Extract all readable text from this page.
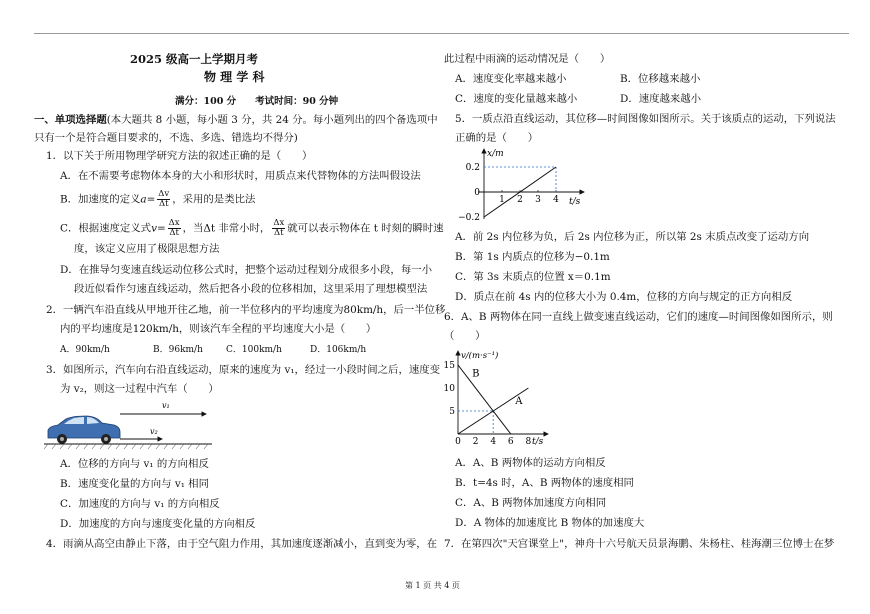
2025 级高一上学期月考
物 理 学 科
满分：100 分　　考试时间：90 分钟
一、单项选择题(本大题共 8 小题，每小题 3 分，共 24 分。每小题列出的四个备选项中
只有一个是符合题目要求的，不选、多选、错选均不得分)
1．以下关于所用物理学研究方法的叙述正确的是（　　）
A．在不需要考虑物体本身的大小和形状时，用质点来代替物体的方法叫假设法
B．加速度的定义$a= \frac{\Delta v}{\Delta t}$ ，采用的是类比法
C．根据速度定义式$v= \frac{\Delta x}{\Delta t}$ ，当Δt 非常小时， $\frac{\Delta x}{\Delta t}$ 就可以表示物体在 t 时刻的瞬时速
度，该定义应用了极限思想方法
D．在推导匀变速直线运动位移公式时，把整个运动过程划分成很多小段，每一小
段近似看作匀速直线运动，然后把各小段的位移相加，这里采用了理想模型法
2．一辆汽车沿直线从甲地开往乙地，前一半位移内的平均速度为80km/h，后一半位移
内的平均速度是120km/h，则该汽车全程的平均速度大小是（　　）
A．90km/h	B．96km/h	C．100km/h	D．106km/h
3．如图所示，汽车向右沿直线运动，原来的速度为 v₁，经过一小段时间之后，速度变
为 v₂，则这一过程中汽车（　　）
v₁
v₂
A．位移的方向与 v₁ 的方向相反
B．速度变化量的方向与 v₁ 相同
C．加速度的方向与 v₁ 的方向相反
D．加速度的方向与速度变化量的方向相反
4．雨滴从高空由静止下落，由于空气阻力作用，其加速度逐渐减小，直到变为零，在
此过程中雨滴的运动情况是（　　）
A．速度变化率越来越小	B．位移越来越小
C．速度的变化量越来越小	D．速度越来越小
5．一质点沿直线运动，其位移—时间图像如图所示。关于该质点的运动，下列说法
正确的是（　　）
x/m
t/s
0.2
0
−0.2
1 2 3 4
A．前 2s 内位移为负，后 2s 内位移为正，所以第 2s 末质点改变了运动方向
B．第 1s 内质点的位移为−0.1m
C．第 3s 末质点的位置 x＝0.1m
D．质点在前 4s 内的位移大小为 0.4m，位移的方向与规定的正方向相反
6．A、B 两物体在同一直线上做变速直线运动，它们的速度—时间图像如图所示，则
（　　）
v/(m·s⁻¹)
t/s
15
10
5
0 2 4 6 8
A
B
A．A、B 两物体的运动方向相反
B．t=4s 时，A、B 两物体的速度相同
C．A、B 两物体加速度方向相同
D．A 物体的加速度比 B 物体的加速度大
7．在第四次"天宫课堂上"，神舟十六号航天员景海鹏、朱杨柱、桂海潮三位博士在梦
第 1 页 共 4 页
